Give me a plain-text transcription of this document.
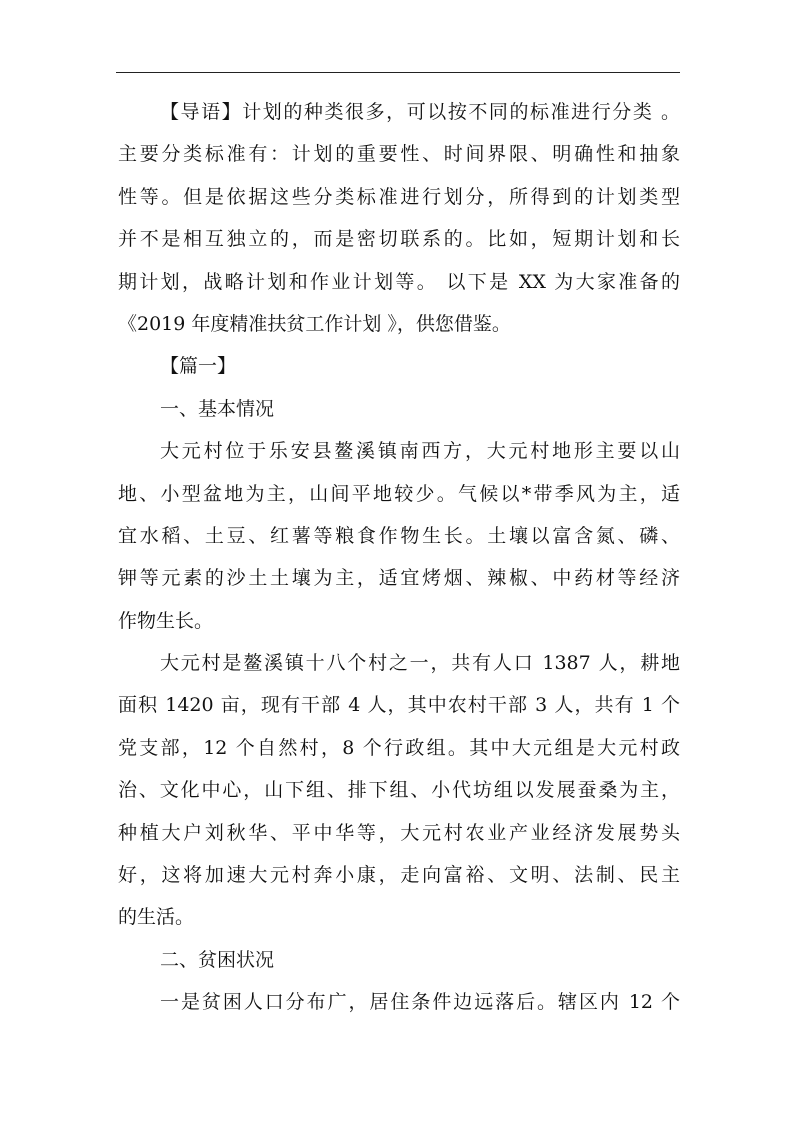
【导语】计划的种类很多，可以按不同的标准进行分类 。
主要分类标准有：计划的重要性、时间界限、明确性和抽象
性等。但是依据这些分类标准进行划分，所得到的计划类型
并不是相互独立的，而是密切联系的。比如，短期计划和长
期计划，战略计划和作业计划等。 以下是 XX 为大家准备的
《2019 年度精准扶贫工作计划 》，供您借鉴。
【篇一】
一、基本情况
大元村位于乐安县鳌溪镇南西方，大元村地形主要以山
地、小型盆地为主，山间平地较少。气候以*带季风为主，适
宜水稻、土豆、红薯等粮食作物生长。土壤以富含氮、磷、
钾等元素的沙土土壤为主，适宜烤烟、辣椒、中药材等经济
作物生长。
大元村是鳌溪镇十八个村之一，共有人口 1387 人，耕地
面积 1420 亩，现有干部 4 人，其中农村干部 3 人，共有 1 个
党支部，12 个自然村，8 个行政组。其中大元组是大元村政
治、文化中心，山下组、排下组、小代坊组以发展蚕桑为主，
种植大户刘秋华、平中华等，大元村农业产业经济发展势头
好，这将加速大元村奔小康，走向富裕、文明、法制、民主
的生活。
二、贫困状况
一是贫困人口分布广，居住条件边远落后。辖区内 12 个
